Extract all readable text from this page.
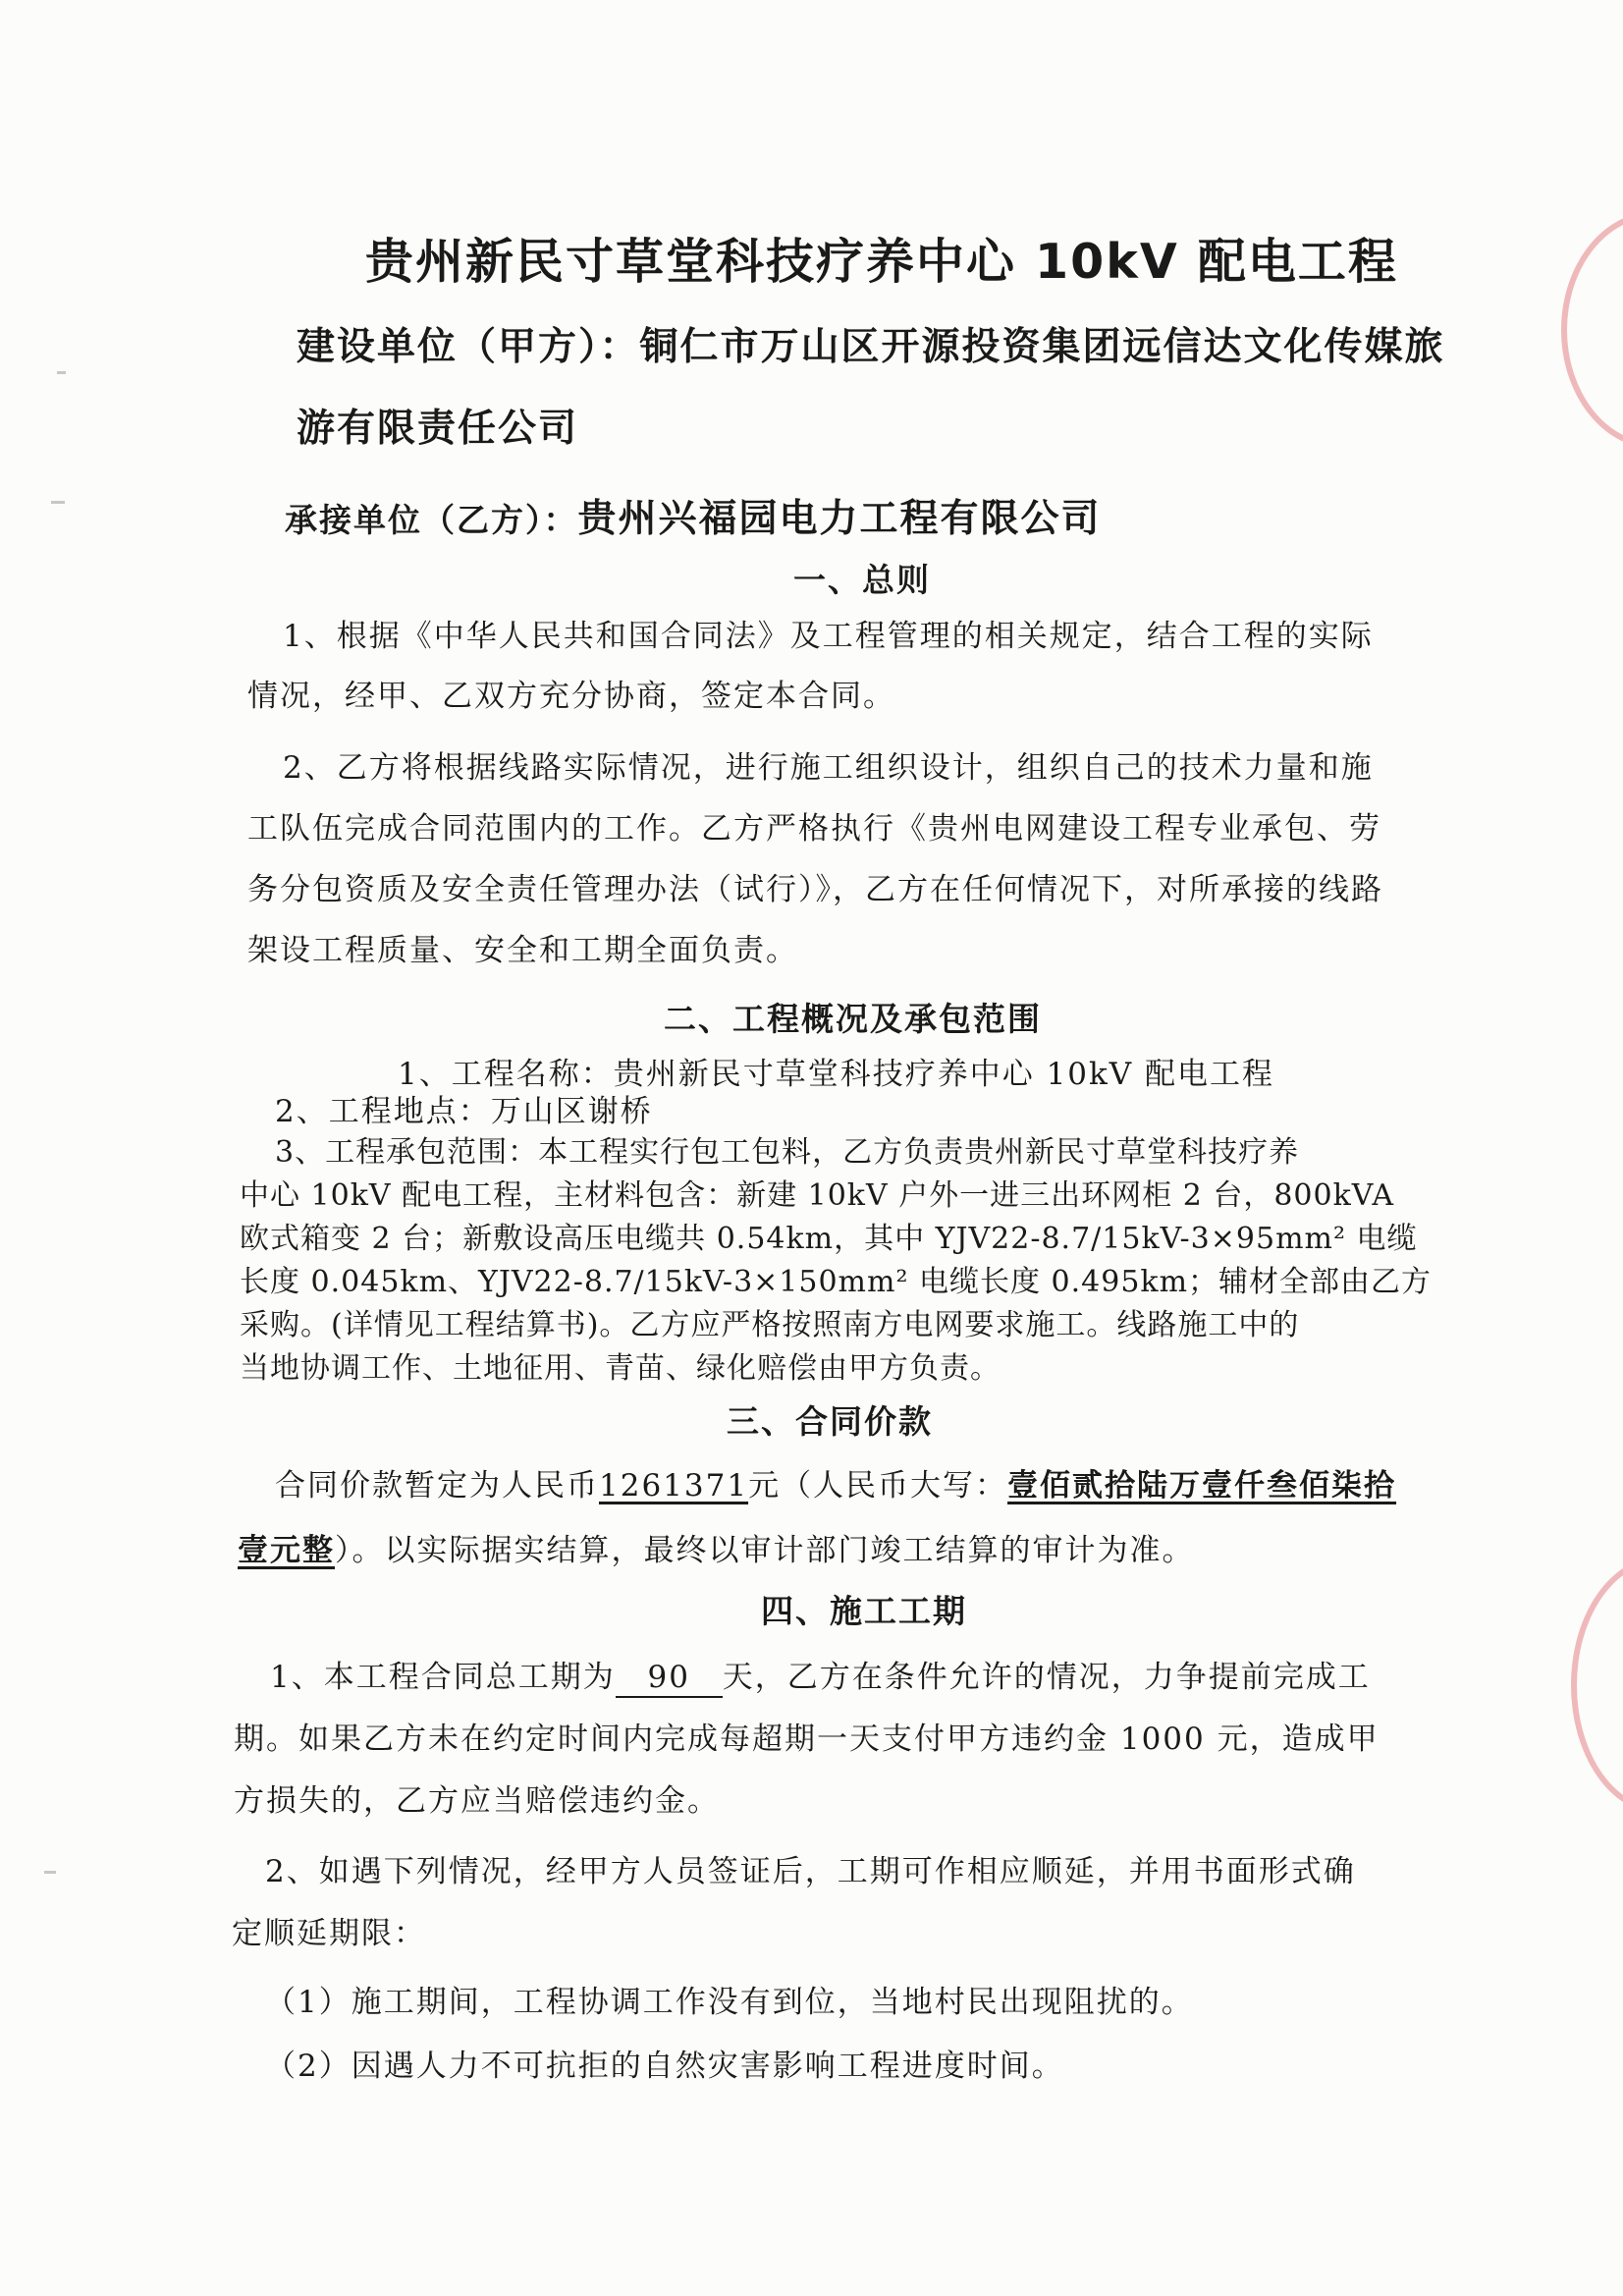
贵州新民寸草堂科技疗养中心 10kV 配电工程
建设单位（甲方）：铜仁市万山区开源投资集团远信达文化传媒旅
游有限责任公司
承接单位（乙方）：贵州兴福园电力工程有限公司
一、总则
1、根据《中华人民共和国合同法》及工程管理的相关规定，结合工程的实际
情况，经甲、乙双方充分协商，签定本合同。
2、乙方将根据线路实际情况，进行施工组织设计，组织自己的技术力量和施
工队伍完成合同范围内的工作。乙方严格执行《贵州电网建设工程专业承包、劳
务分包资质及安全责任管理办法（试行）》，乙方在任何情况下，对所承接的线路
架设工程质量、安全和工期全面负责。
二、工程概况及承包范围
1、工程名称：贵州新民寸草堂科技疗养中心 10kV 配电工程
2、工程地点：万山区谢桥
3、工程承包范围：本工程实行包工包料，乙方负责贵州新民寸草堂科技疗养
中心 10kV 配电工程，主材料包含：新建 10kV 户外一进三出环网柜 2 台，800kVA
欧式箱变 2 台；新敷设高压电缆共 0.54km，其中 YJV22-8.7/15kV-3×95mm² 电缆
长度 0.045km、YJV22-8.7/15kV-3×150mm² 电缆长度 0.495km；辅材全部由乙方
采购。(详情见工程结算书)。乙方应严格按照南方电网要求施工。线路施工中的
当地协调工作、土地征用、青苗、绿化赔偿由甲方负责。
三、合同价款
合同价款暂定为人民币1261371元（人民币大写：壹佰贰拾陆万壹仟叁佰柒拾
壹元整）。以实际据实结算，最终以审计部门竣工结算的审计为准。
四、施工工期
1、本工程合同总工期为 90 天，乙方在条件允许的情况，力争提前完成工
期。如果乙方未在约定时间内完成每超期一天支付甲方违约金 1000 元，造成甲
方损失的，乙方应当赔偿违约金。
2、如遇下列情况，经甲方人员签证后，工期可作相应顺延，并用书面形式确
定顺延期限：
（1）施工期间，工程协调工作没有到位，当地村民出现阻扰的。
（2）因遇人力不可抗拒的自然灾害影响工程进度时间。
